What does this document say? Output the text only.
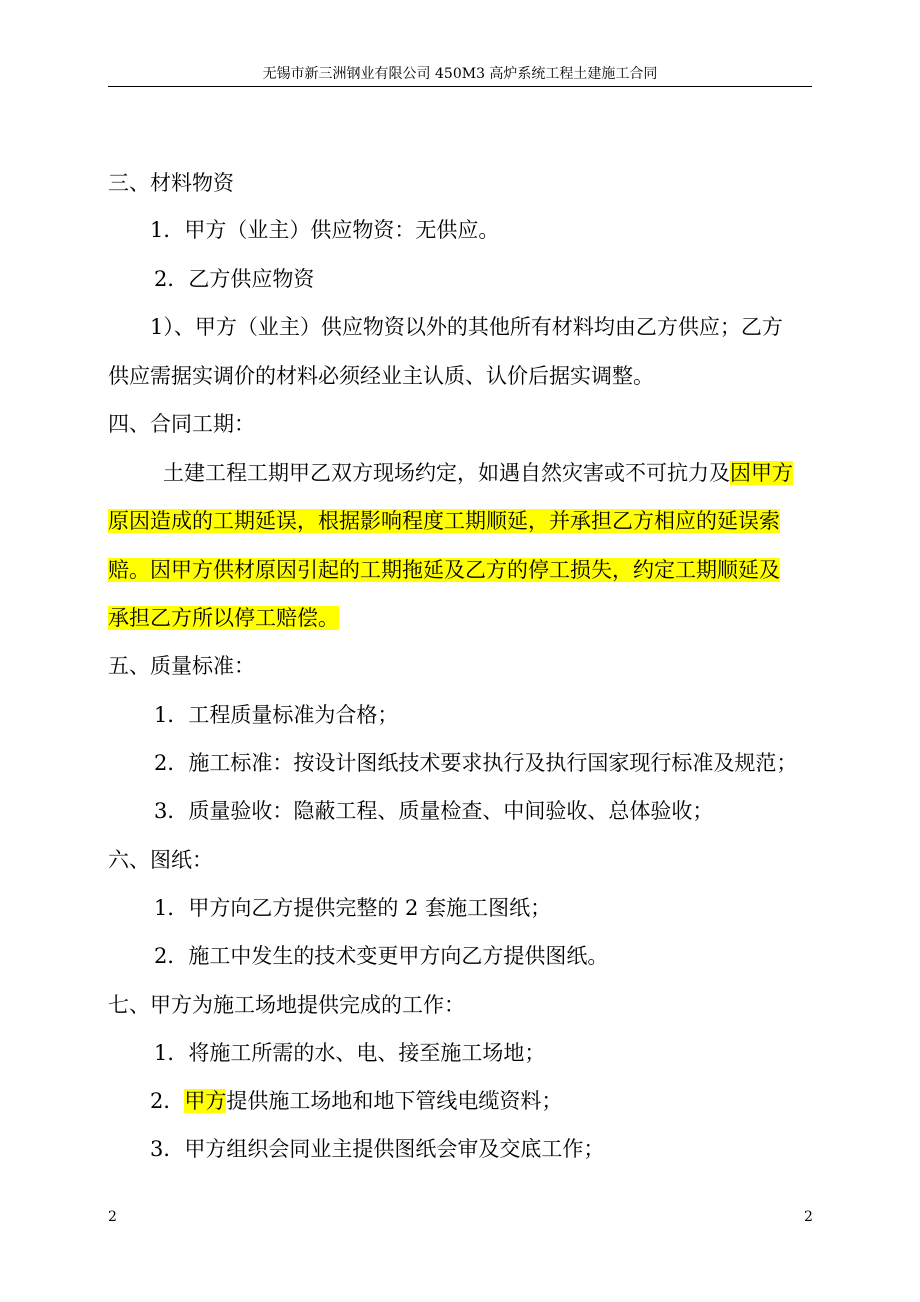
无锡市新三洲钢业有限公司 450M3 高炉系统工程土建施工合同

三、材料物资

1．甲方（业主）供应物资：无供应。

2．乙方供应物资

1）、甲方（业主）供应物资以外的其他所有材料均由乙方供应；乙方

供应需据实调价的材料必须经业主认质、认价后据实调整。

四、合同工期：

土建工程工期甲乙双方现场约定，如遇自然灾害或不可抗力及因甲方

原因造成的工期延误，根据影响程度工期顺延，并承担乙方相应的延误索

赔。因甲方供材原因引起的工期拖延及乙方的停工损失，约定工期顺延及

承担乙方所以停工赔偿。

五、质量标准：

1．工程质量标准为合格；

2．施工标准：按设计图纸技术要求执行及执行国家现行标准及规范；

3．质量验收：隐蔽工程、质量检查、中间验收、总体验收；

六、图纸：

1．甲方向乙方提供完整的 2 套施工图纸；

2．施工中发生的技术变更甲方向乙方提供图纸。

七、甲方为施工场地提供完成的工作：

1．将施工所需的水、电、接至施工场地；

2．甲方提供施工场地和地下管线电缆资料；

3．甲方组织会同业主提供图纸会审及交底工作；

2	2
